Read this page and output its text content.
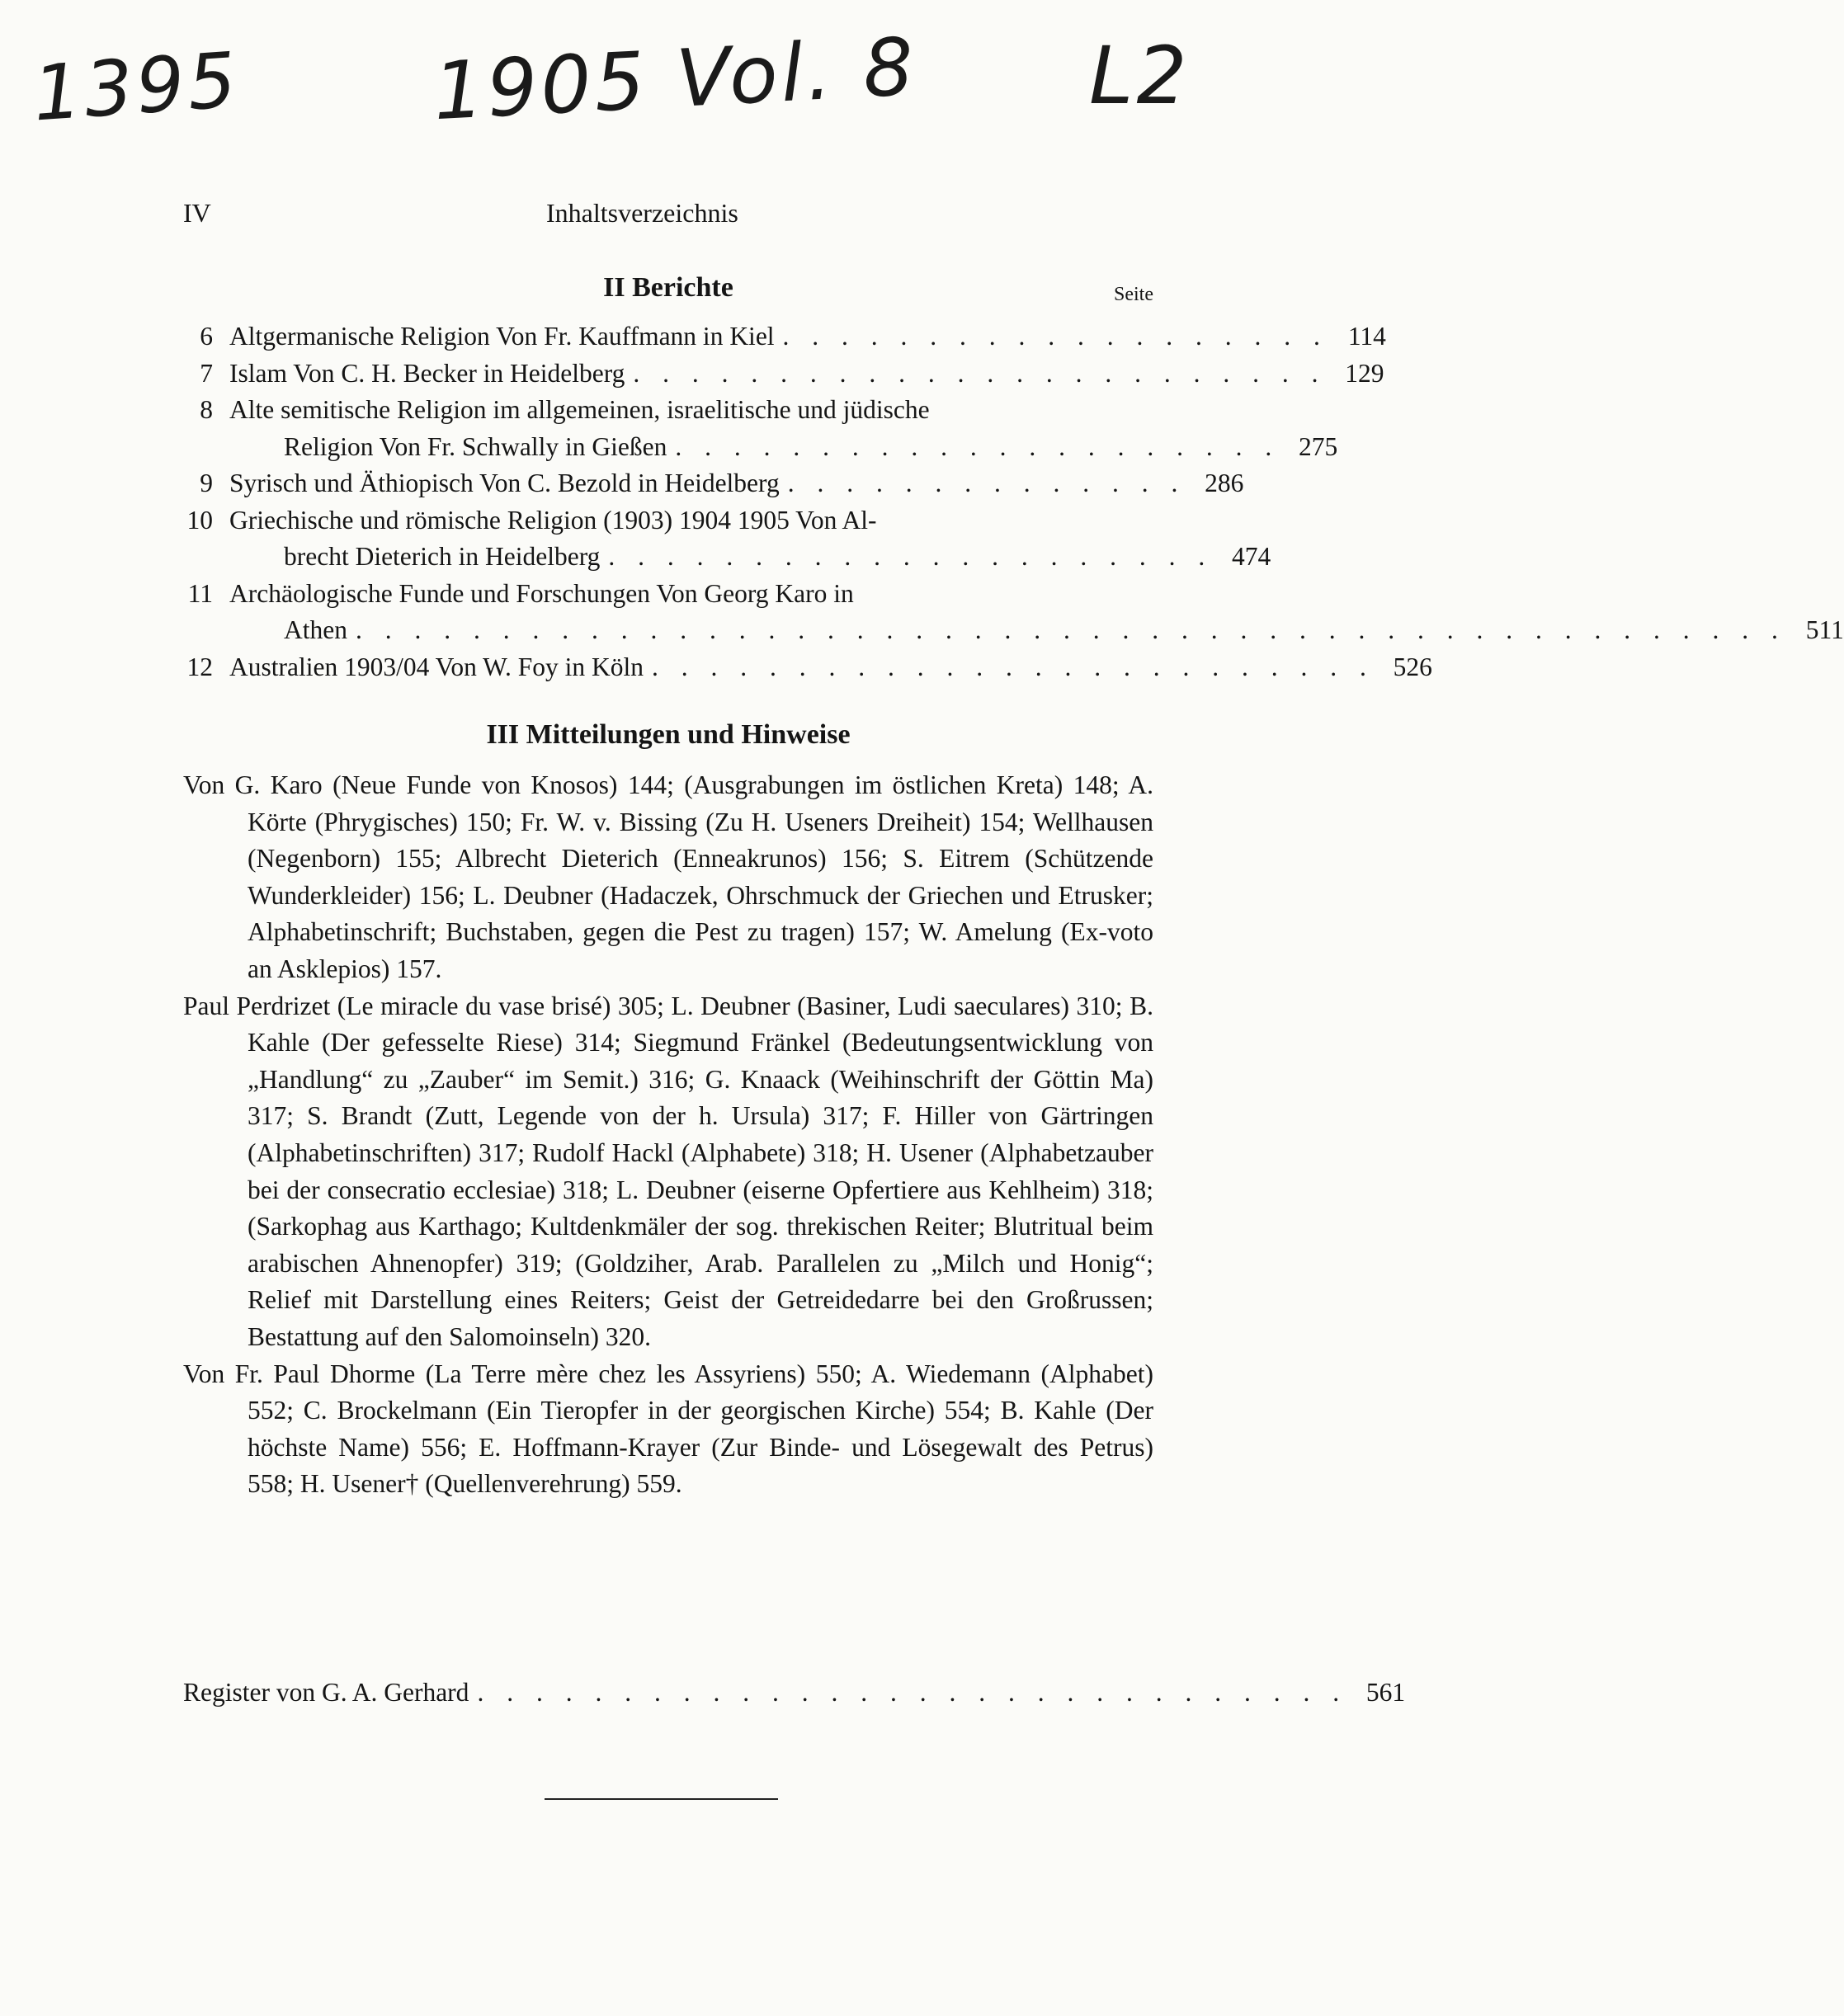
1395 1905 Vol. 8 L2
IV	Inhaltsverzeichnis
II Berichte	Seite
6 Altgermanische Religion Von Fr. Kauffmann in Kiel . . . . . . . . . . . . . . . . . . . 114
7 Islam Von C. H. Becker in Heidelberg . . . . . . . . . . . . . . . . . . . . . . . . 129
8 Alte semitische Religion im allgemeinen, israelitische und jüdische
Religion Von Fr. Schwally in Gießen . . . . . . . . . . . . . . . . . . . . . 275
9 Syrisch und Äthiopisch Von C. Bezold in Heidelberg . . . . . . . . . . . . . . 286
10 Griechische und römische Religion (1903) 1904 1905 Von Al-
brecht Dieterich in Heidelberg . . . . . . . . . . . . . . . . . . . . . 474
11 Archäologische Funde und Forschungen Von Georg Karo in
Athen . . . . . . . . . . . . . . . . . . . . . . . . . . . . . . . . . . . . . . . . . . . . . . . . . 511
12 Australien 1903/04 Von W. Foy in Köln . . . . . . . . . . . . . . . . . . . . . . . . . 526
III Mitteilungen und Hinweise

Von G. Karo (Neue Funde von Knosos) 144; (Ausgrabungen im östlichen Kreta) 148; A. Körte (Phrygisches) 150; Fr. W. v. Bissing (Zu H. Useners Dreiheit) 154; Wellhausen (Negenborn) 155; Albrecht Dieterich (Enneakrunos) 156; S. Eitrem (Schützende Wunderkleider) 156; L. Deubner (Hadaczek, Ohrschmuck der Griechen und Etrusker; Alphabetinschrift; Buchstaben, gegen die Pest zu tragen) 157; W. Amelung (Ex-voto an Asklepios) 157.

Paul Perdrizet (Le miracle du vase brisé) 305; L. Deubner (Basiner, Ludi saeculares) 310; B. Kahle (Der gefesselte Riese) 314; Siegmund Fränkel (Bedeutungsentwicklung von „Handlung“ zu „Zauber“ im Semit.) 316; G. Knaack (Weihinschrift der Göttin Ma) 317; S. Brandt (Zutt, Legende von der h. Ursula) 317; F. Hiller von Gärtringen (Alphabetinschriften) 317; Rudolf Hackl (Alphabete) 318; H. Usener (Alphabetzauber bei der consecratio ecclesiae) 318; L. Deubner (eiserne Opfertiere aus Kehlheim) 318; (Sarkophag aus Karthago; Kultdenkmäler der sog. threkischen Reiter; Blutritual beim arabischen Ahnenopfer) 319; (Goldziher, Arab. Parallelen zu „Milch und Honig“; Relief mit Darstellung eines Reiters; Geist der Getreidedarre bei den Großrussen; Bestattung auf den Salomoinseln) 320.

Von Fr. Paul Dhorme (La Terre mère chez les Assyriens) 550; A. Wiedemann (Alphabet) 552; C. Brockelmann (Ein Tieropfer in der georgischen Kirche) 554; B. Kahle (Der höchste Name) 556; E. Hoffmann-Krayer (Zur Binde- und Lösegewalt des Petrus) 558; H. Usener† (Quellenverehrung) 559.

Register von G. A. Gerhard . . . . . . . . . . . . . . . . . . . . . . . . . . . . . . 561
